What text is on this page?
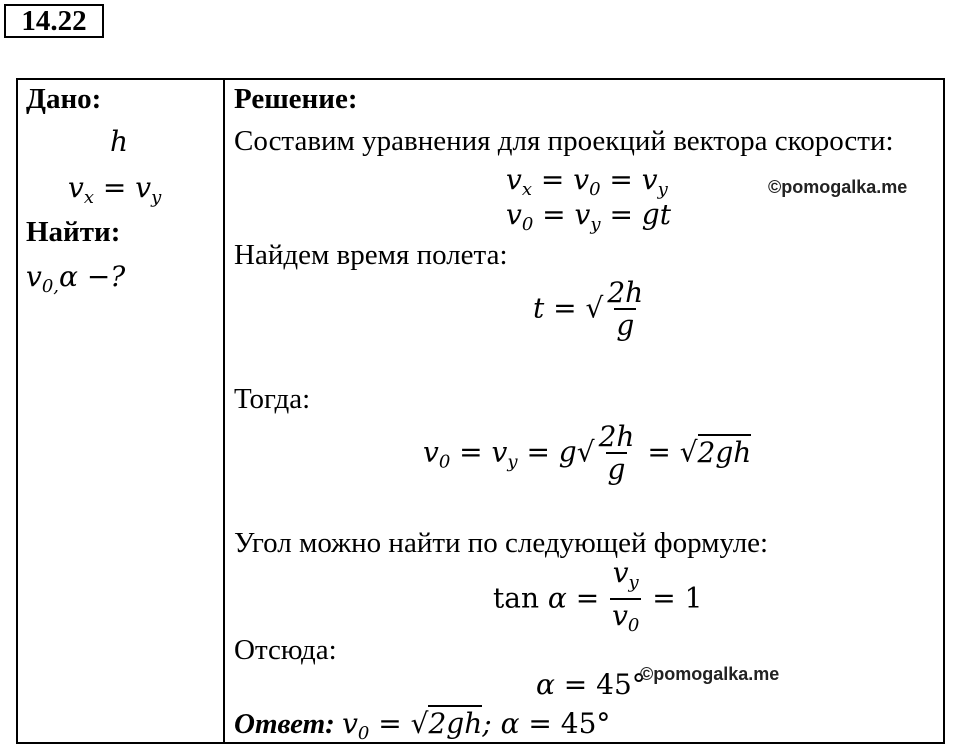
14.22
Дано:
h
$v_x = v_y$
Найти:
$v_{0,}\alpha$ −?
Решение:
Составим уравнения для проекций вектора скорости:
$v_x = v_0 = v_y$
$v_0 = v_y$ = gt
Найдем время полета:
t = √ $\frac{2h}{g}$
Тогда:
$v_0 = v_y = g√ \frac{2h}{g} = √2gh$
Угол можно найти по следующей формуле:
$\tan \alpha = \frac{v_y}{v_0} = 1$
Отсюда:
α = 45°
Ответ: $v_0 = √2gh$; α = 45°
©pomogalka.me
©pomogalka.me
